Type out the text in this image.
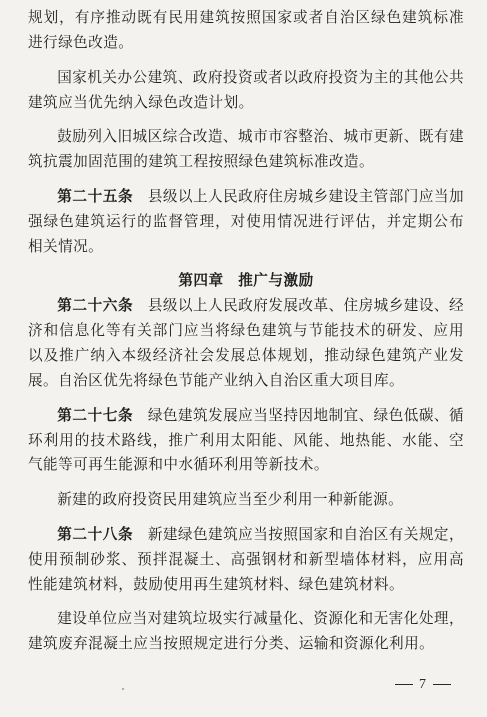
规划，有序推动既有民用建筑按照国家或者自治区绿色建筑标准进行绿色改造。

国家机关办公建筑、政府投资或者以政府投资为主的其他公共建筑应当优先纳入绿色改造计划。

鼓励列入旧城区综合改造、城市市容整治、城市更新、既有建筑抗震加固范围的建筑工程按照绿色建筑标准改造。

第二十五条 县级以上人民政府住房城乡建设主管部门应当加强绿色建筑运行的监督管理，对使用情况进行评估，并定期公布相关情况。

第四章 推广与激励

第二十六条 县级以上人民政府发展改革、住房城乡建设、经济和信息化等有关部门应当将绿色建筑与节能技术的研发、应用以及推广纳入本级经济社会发展总体规划，推动绿色建筑产业发展。自治区优先将绿色节能产业纳入自治区重大项目库。

第二十七条 绿色建筑发展应当坚持因地制宜、绿色低碳、循环利用的技术路线，推广利用太阳能、风能、地热能、水能、空气能等可再生能源和中水循环利用等新技术。

新建的政府投资民用建筑应当至少利用一种新能源。

第二十八条 新建绿色建筑应当按照国家和自治区有关规定，使用预制砂浆、预拌混凝土、高强钢材和新型墙体材料，应用高性能建筑材料，鼓励使用再生建筑材料、绿色建筑材料。

建设单位应当对建筑垃圾实行减量化、资源化和无害化处理，建筑废弃混凝土应当按照规定进行分类、运输和资源化利用。

7
